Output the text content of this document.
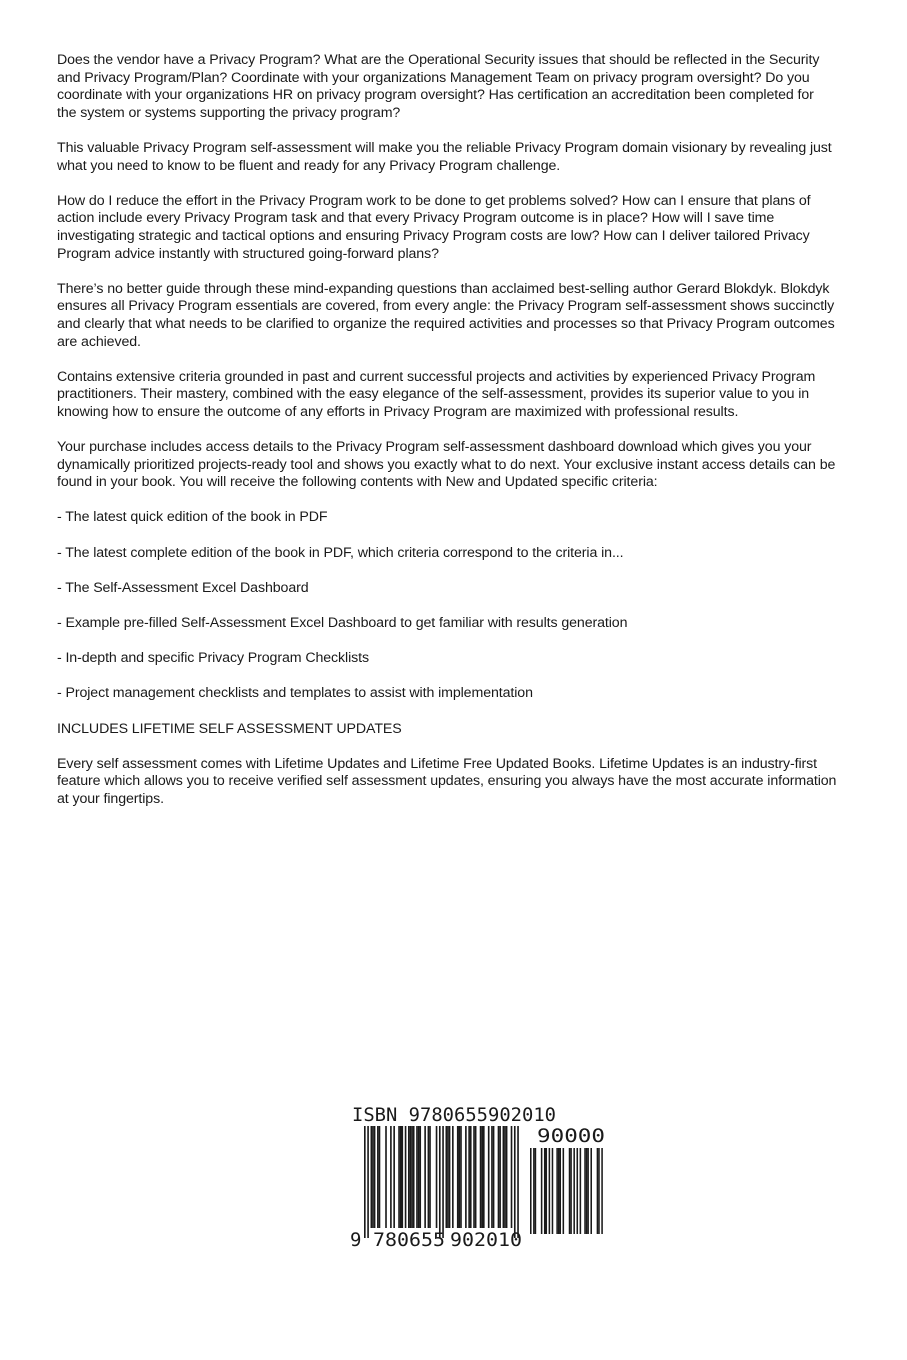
Does the vendor have a Privacy Program? What are the Operational Security issues that should be reflected in the Security and Privacy Program/Plan? Coordinate with your organizations Management Team on privacy program oversight? Do you coordinate with your organizations HR on privacy program oversight? Has certification an accreditation been completed for the system or systems supporting the privacy program?

This valuable Privacy Program self-assessment will make you the reliable Privacy Program domain visionary by revealing just what you need to know to be fluent and ready for any Privacy Program challenge.

How do I reduce the effort in the Privacy Program work to be done to get problems solved? How can I ensure that plans of action include every Privacy Program task and that every Privacy Program outcome is in place? How will I save time investigating strategic and tactical options and ensuring Privacy Program costs are low? How can I deliver tailored Privacy Program advice instantly with structured going-forward plans?

There’s no better guide through these mind-expanding questions than acclaimed best-selling author Gerard Blokdyk. Blokdyk ensures all Privacy Program essentials are covered, from every angle: the Privacy Program self-assessment shows succinctly and clearly that what needs to be clarified to organize the required activities and processes so that Privacy Program outcomes are achieved.

Contains extensive criteria grounded in past and current successful projects and activities by experienced Privacy Program practitioners. Their mastery, combined with the easy elegance of the self-assessment, provides its superior value to you in knowing how to ensure the outcome of any efforts in Privacy Program are maximized with professional results.

Your purchase includes access details to the Privacy Program self-assessment dashboard download which gives you your dynamically prioritized projects-ready tool and shows you exactly what to do next. Your exclusive instant access details can be found in your book. You will receive the following contents with New and Updated specific criteria:

- The latest quick edition of the book in PDF

- The latest complete edition of the book in PDF, which criteria correspond to the criteria in...

- The Self-Assessment Excel Dashboard

- Example pre-filled Self-Assessment Excel Dashboard to get familiar with results generation

- In-depth and specific Privacy Program Checklists

- Project management checklists and templates to assist with implementation

INCLUDES LIFETIME SELF ASSESSMENT UPDATES

Every self assessment comes with Lifetime Updates and Lifetime Free Updated Books. Lifetime Updates is an industry-first feature which allows you to receive verified self assessment updates, ensuring you always have the most accurate information at your fingertips.

ISBN 9780655902010
90000
9 780655 902010
